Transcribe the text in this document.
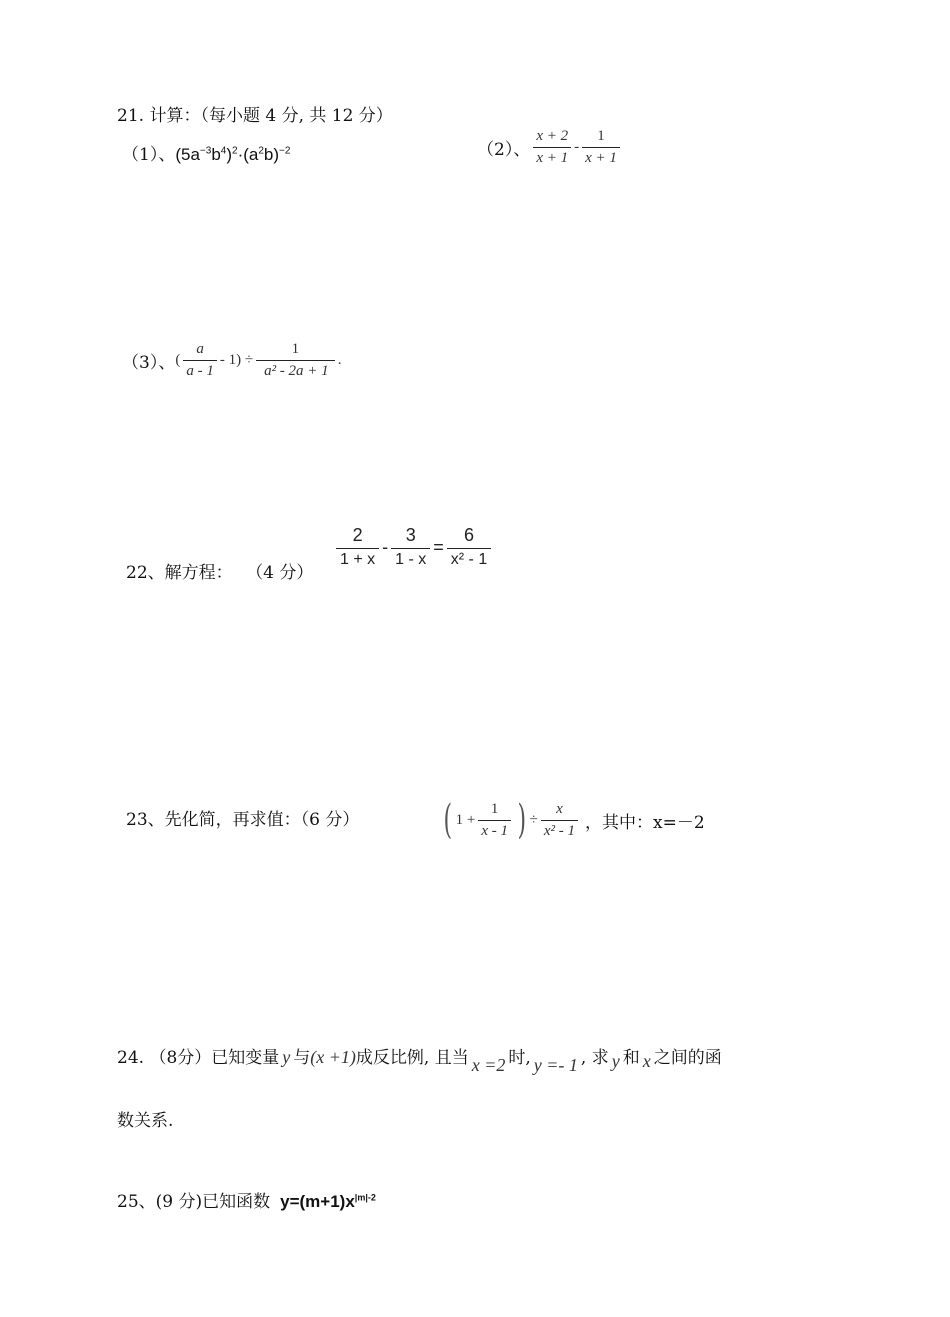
21. 计算：（每小题 4 分, 共 12 分）
（1）、$(5a^{-3}b^4)^2\cdot(a^2b)^{-2}$	（2）、 $\frac{x + 2}{x + 1} - \frac{1}{x + 1}$
（3）、 ( $\frac{a}{a - 1} - 1) \div \frac{1}{\text{a² - 2a + 1}}$ .
22、解方程： （4 分）
$\frac{2}{1 + x} - \frac{3}{1 - x} = \frac{6}{\text{x² - 1}}$
23、先化简，再求值：（6 分） ( $1 + \frac{1}{x - 1}$ ) ÷ $\frac{x}{\text{x² - 1}}$ ，其中：x=－2
24. （8分）已知变量 y 与(x +1)成反比例, 且当 x =2 时, y =- 1 , 求 y 和 x 之间的函
数关系.
25、(9 分)已知函数 $y=(m+1)x^{|m|-2}$
